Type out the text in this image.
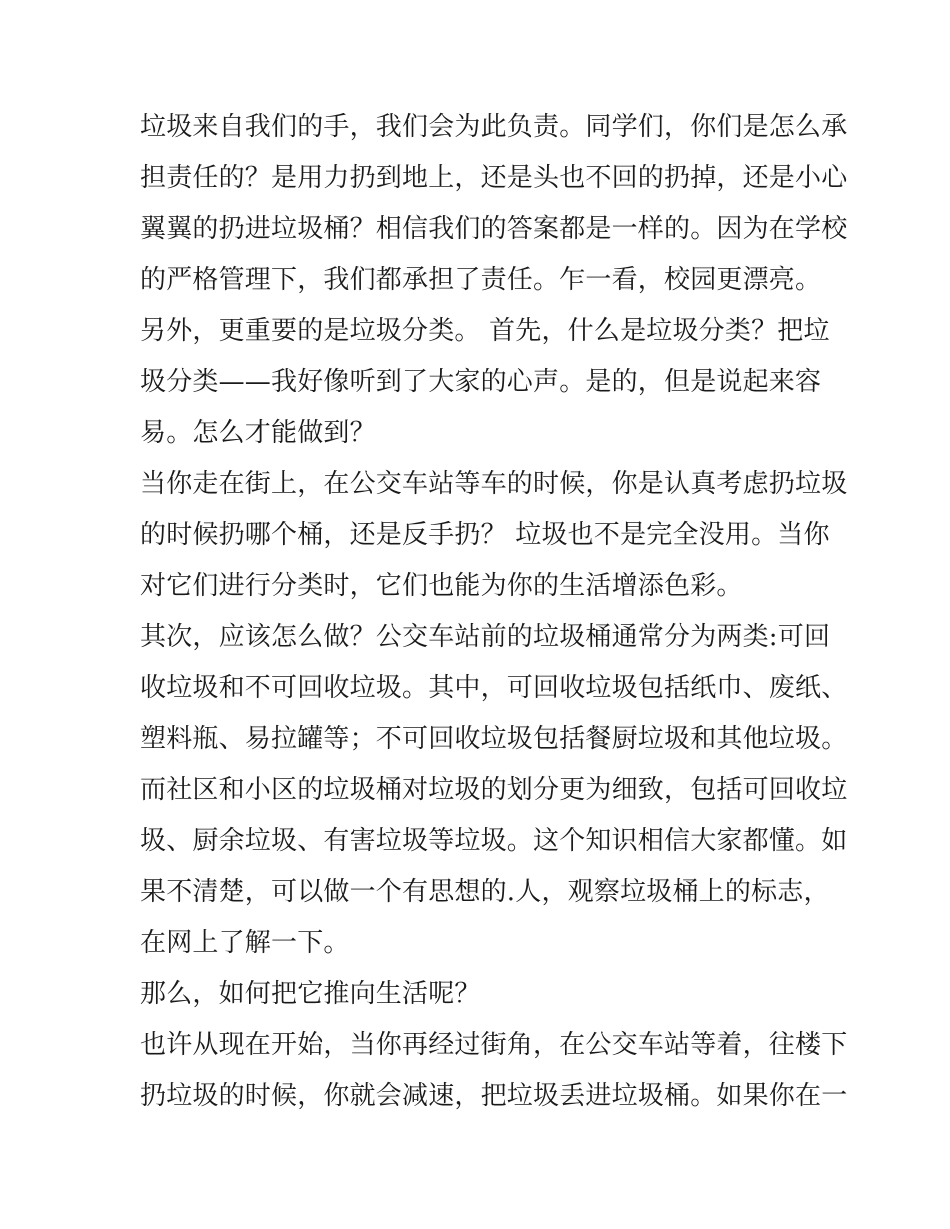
垃圾来自我们的手，我们会为此负责。同学们，你们是怎么承
担责任的？是用力扔到地上，还是头也不回的扔掉，还是小心
翼翼的扔进垃圾桶？相信我们的答案都是一样的。因为在学校
的严格管理下，我们都承担了责任。乍一看，校园更漂亮。
另外，更重要的是垃圾分类。 首先，什么是垃圾分类？把垃
圾分类——我好像听到了大家的心声。是的，但是说起来容
易。怎么才能做到？
当你走在街上，在公交车站等车的时候，你是认真考虑扔垃圾
的时候扔哪个桶，还是反手扔？ 垃圾也不是完全没用。当你
对它们进行分类时，它们也能为你的生活增添色彩。
其次，应该怎么做？公交车站前的垃圾桶通常分为两类:可回
收垃圾和不可回收垃圾。其中，可回收垃圾包括纸巾、废纸、
塑料瓶、易拉罐等；不可回收垃圾包括餐厨垃圾和其他垃圾。
而社区和小区的垃圾桶对垃圾的划分更为细致，包括可回收垃
圾、厨余垃圾、有害垃圾等垃圾。这个知识相信大家都懂。如
果不清楚，可以做一个有思想的.人，观察垃圾桶上的标志，
在网上了解一下。
那么，如何把它推向生活呢？
也许从现在开始，当你再经过街角，在公交车站等着，往楼下
扔垃圾的时候，你就会减速，把垃圾丢进垃圾桶。如果你在一
